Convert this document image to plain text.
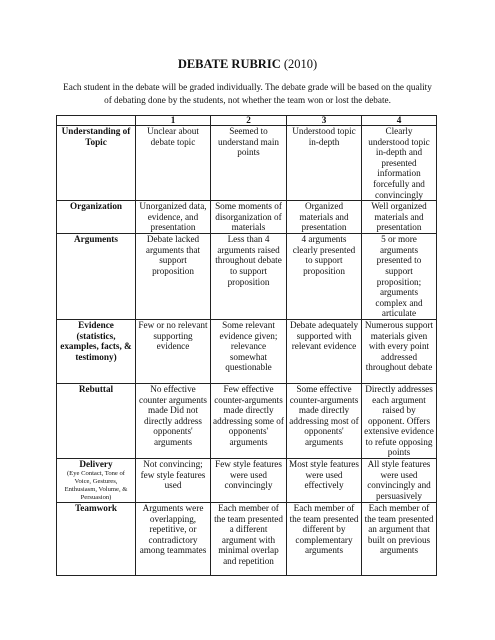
DEBATE RUBRIC (2010)
Each student in the debate will be graded individually. The debate grade will be based on the quality of debating done by the students, not whether the team won or lost the debate.
	1	2	3	4

Understanding of Topic	Unclear about debate topic	Seemed to understand main points	Understood topic in-depth	Clearly understood topic in-depth and presented information forcefully and convincingly

Organization	Unorganized data, evidence, and presentation	Some moments of disorganization of materials	Organized materials and presentation	Well organized materials and presentation

Arguments	Debate lacked arguments that support proposition	Less than 4 arguments raised throughout debate to support proposition	4 arguments clearly presented to support proposition	5 or more arguments presented to support proposition; arguments complex and articulate

Evidence (statistics, examples, facts, & testimony)	Few or no relevant supporting evidence	Some relevant evidence given; relevance somewhat questionable	Debate adequately supported with relevant evidence	Numerous support materials given with every point addressed throughout debate

Rebuttal	No effective counter arguments made Did not directly address opponents' arguments	Few effective counter-arguments made directly addressing some of opponents' arguments	Some effective counter-arguments made directly addressing most of opponents' arguments	Directly addresses each argument raised by opponent. Offers extensive evidence to refute opposing points

Delivery
(Eye Contact, Tone of Voice, Gestures, Enthusiasm, Volume, & Persuasion)	Not convincing; few style features used	Few style features were used convincingly	Most style features were used effectively	All style features were used convincingly and persuasively

Teamwork	Arguments were overlapping, repetitive, or contradictory among teammates	Each member of the team presented a different argument with minimal overlap and repetition	Each member of the team presented different by complementary arguments	Each member of the team presented an argument that built on previous arguments
